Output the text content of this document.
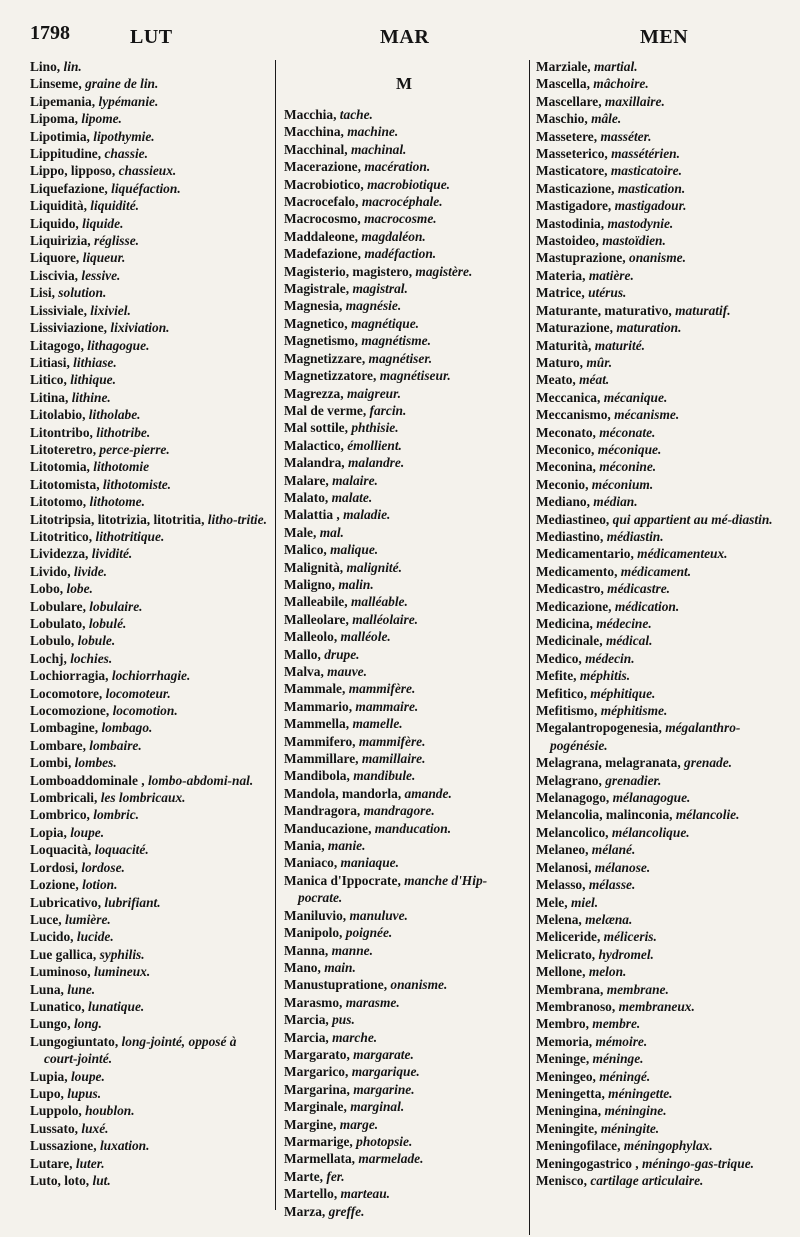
1798	LUT	MAR	MEN

Lino, lin.

Linseme, graine de lin.

Lipemania, lypémanie.

Lipoma, lipome.

Lipotimia, lipothymie.

Lippitudine, chassie.

Lippo, lipposo, chassieux.

Liquefazione, liquéfaction.

Liquidità, liquidité.

Liquido, liquide.

Liquirizia, réglisse.

Liquore, liqueur.

Liscivia, lessive.

Lisi, solution.

Lissiviale, lixiviel.

Lissiviazione, lixiviation.

Litagogo, lithagogue.

Litiasi, lithiase.

Litico, lithique.

Litina, lithine.

Litolabio, litholabe.

Litontribo, lithotribe.

Litoteretro, perce-pierre.

Litotomia, lithotomie

Litotomista, lithotomiste.

Litotomo, lithotome.

Litotripsia, litotrizia, litotritia, litho-tritie.

Litotritico, lithotritique.

Lividezza, lividité.

Livido, livide.

Lobo, lobe.

Lobulare, lobulaire.

Lobulato, lobulé.

Lobulo, lobule.

Lochj, lochies.

Lochiorragia, lochiorrhagie.

Locomotore, locomoteur.

Locomozione, locomotion.

Lombagine, lombago.

Lombare, lombaire.

Lombi, lombes.

Lomboaddominale , lombo-abdomi-nal.

Lombricali, les lombricaux.

Lombrico, lombric.

Lopia, loupe.

Loquacità, loquacité.

Lordosi, lordose.

Lozione, lotion.

Lubricativo, lubrifiant.

Luce, lumière.

Lucido, lucide.

Lue gallica, syphilis.

Luminoso, lumineux.

Luna, lune.

Lunatico, lunatique.

Lungo, long.

Lungogiuntato, long-jointé, opposé à court-jointé.

Lupia, loupe.

Lupo, lupus.

Luppolo, houblon.

Lussato, luxé.

Lussazione, luxation.

Lutare, luter.

Luto, loto, lut.

M

Macchia, tache.

Macchina, machine.

Macchinal, machinal.

Macerazione, macération.

Macrobiotico, macrobiotique.

Macrocefalo, macrocéphale.

Macrocosmo, macrocosme.

Maddaleone, magdaléon.

Madefazione, madéfaction.

Magisterio, magistero, magistère.

Magistrale, magistral.

Magnesia, magnésie.

Magnetico, magnétique.

Magnetismo, magnétisme.

Magnetizzare, magnétiser.

Magnetizzatore, magnétiseur.

Magrezza, maigreur.

Mal de verme, farcin.

Mal sottile, phthisie.

Malactico, émollient.

Malandra, malandre.

Malare, malaire.

Malato, malate.

Malattia , maladie.

Male, mal.

Malico, malique.

Malignità, malignité.

Maligno, malin.

Malleabile, malléable.

Malleolare, malléolaire.

Malleolo, malléole.

Mallo, drupe.

Malva, mauve.

Mammale, mammifère.

Mammario, mammaire.

Mammella, mamelle.

Mammifero, mammifère.

Mammillare, mamillaire.

Mandibola, mandibule.

Mandola, mandorla, amande.

Mandragora, mandragore.

Manducazione, manducation.

Mania, manie.

Maniaco, maniaque.

Manica d'Ippocrate, manche d'Hip-pocrate.

Maniluvio, manuluve.

Manipolo, poignée.

Manna, manne.

Mano, main.

Manustupratione, onanisme.

Marasmo, marasme.

Marcia, pus.

Marcia, marche.

Margarato, margarate.

Margarico, margarique.

Margarina, margarine.

Marginale, marginal.

Margine, marge.

Marmarige, photopsie.

Marmellata, marmelade.

Marte, fer.

Martello, marteau.

Marza, greffe.

Marziale, martial.

Mascella, mâchoire.

Mascellare, maxillaire.

Maschio, mâle.

Massetere, masséter.

Masseterico, massétérien.

Masticatore, masticatoire.

Masticazione, mastication.

Mastigadore, mastigadour.

Mastodinia, mastodynie.

Mastoideo, mastoïdien.

Mastuprazione, onanisme.

Materia, matière.

Matrice, utérus.

Maturante, maturativo, maturatif.

Maturazione, maturation.

Maturità, maturité.

Maturo, mûr.

Meato, méat.

Meccanica, mécanique.

Meccanismo, mécanisme.

Meconato, méconate.

Meconico, méconique.

Meconina, méconine.

Meconio, méconium.

Mediano, médian.

Mediastineo, qui appartient au mé-diastin.

Mediastino, médiastin.

Medicamentario, médicamenteux.

Medicamento, médicament.

Medicastro, médicastre.

Medicazione, médication.

Medicina, médecine.

Medicinale, médical.

Medico, médecin.

Mefite, méphitis.

Mefitico, méphitique.

Mefitismo, méphitisme.

Megalantropogenesia, mégalanthro-pogénésie.

Melagrana, melagranata, grenade.

Melagrano, grenadier.

Melanagogo, mélanagogue.

Melancolia, malinconia, mélancolie.

Melancolico, mélancolique.

Melaneo, mélané.

Melanosi, mélanose.

Melasso, mélasse.

Mele, miel.

Melena, melæna.

Meliceride, méliceris.

Melicrato, hydromel.

Mellone, melon.

Membrana, membrane.

Membranoso, membraneux.

Membro, membre.

Memoria, mémoire.

Meninge, méninge.

Meningeo, méningé.

Meningetta, méningette.

Meningina, méningine.

Meningite, méningite.

Meningofilace, méningophylax.

Meningogastrico , méningo-gas-trique.

Menisco, cartilage articulaire.
